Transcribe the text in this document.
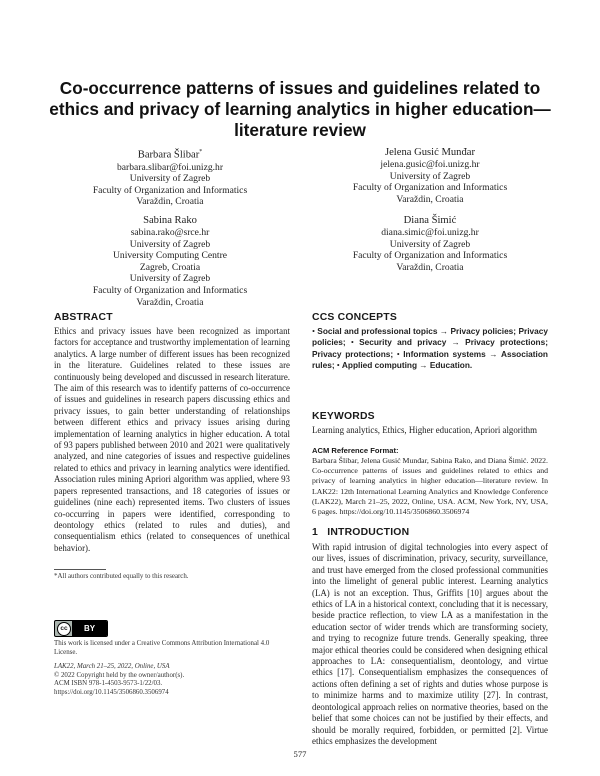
Co-occurrence patterns of issues and guidelines related to ethics and privacy of learning analytics in higher education—literature review
Barbara Šlibar*
barbara.slibar@foi.unizg.hr
University of Zagreb
Faculty of Organization and Informatics
Varaždin, Croatia
Jelena Gusić Munđar
jelena.gusic@foi.unizg.hr
University of Zagreb
Faculty of Organization and Informatics
Varaždin, Croatia
Sabina Rako
sabina.rako@srce.hr
University of Zagreb
University Computing Centre
Zagreb, Croatia
University of Zagreb
Faculty of Organization and Informatics
Varaždin, Croatia
Diana Šimić
diana.simic@foi.unizg.hr
University of Zagreb
Faculty of Organization and Informatics
Varaždin, Croatia
ABSTRACT
Ethics and privacy issues have been recognized as important factors for acceptance and trustworthy implementation of learning analytics. A large number of different issues has been recognized in the literature. Guidelines related to these issues are continuously being developed and discussed in research literature. The aim of this research was to identify patterns of co-occurrence of issues and guidelines in research papers discussing ethics and privacy issues, to gain better understanding of relationships between different ethics and privacy issues arising during implementation of learning analytics in higher education. A total of 93 papers published between 2010 and 2021 were qualitatively analyzed, and nine categories of issues and respective guidelines related to ethics and privacy in learning analytics were identified. Association rules mining Apriori algorithm was applied, where 93 papers represented transactions, and 18 categories of issues or guidelines (nine each) represented items. Two clusters of issues co-occurring in papers were identified, corresponding to deontology ethics (related to rules and duties), and consequentialism ethics (related to consequences of unethical behavior).
*All authors contributed equally to this research.
cc	BY
This work is licensed under a Creative Commons Attribution International 4.0 License.
LAK22, March 21–25, 2022, Online, USA
© 2022 Copyright held by the owner/author(s).
ACM ISBN 978-1-4503-9573-1/22/03.
https://doi.org/10.1145/3506860.3506974
CCS CONCEPTS
• Social and professional topics → Privacy policies; Privacy policies; • Security and privacy → Privacy protections; Privacy protections; • Information systems → Association rules; • Applied computing → Education.
KEYWORDS
Learning analytics, Ethics, Higher education, Apriori algorithm
ACM Reference Format:
Barbara Šlibar, Jelena Gusić Munđar, Sabina Rako, and Diana Šimić. 2022. Co-occurrence patterns of issues and guidelines related to ethics and privacy of learning analytics in higher education—literature review. In LAK22: 12th International Learning Analytics and Knowledge Conference (LAK22), March 21–25, 2022, Online, USA. ACM, New York, NY, USA, 6 pages. https://doi.org/10.1145/3506860.3506974
1   INTRODUCTION
With rapid intrusion of digital technologies into every aspect of our lives, issues of discrimination, privacy, security, surveillance, and trust have emerged from the closed professional communities into the limelight of general public interest. Learning analytics (LA) is not an exception. Thus, Griffits [10] argues about the ethics of LA in a historical context, concluding that it is necessary, beside practice reflection, to view LA as a manifestation in the education sector of wider trends which are transforming society, and trying to recognize future trends. Generally speaking, three major ethical theories could be considered when designing ethical approaches to LA: consequentialism, deontology, and virtue ethics [17]. Consequentialism emphasizes the consequences of actions often defining a set of rights and duties whose purpose is to minimize harms and to maximize utility [27]. In contrast, deontological approach relies on normative theories, based on the belief that some choices can not be justified by their effects, and should be morally required, forbidden, or permitted [2]. Virtue ethics emphasizes the development
577
